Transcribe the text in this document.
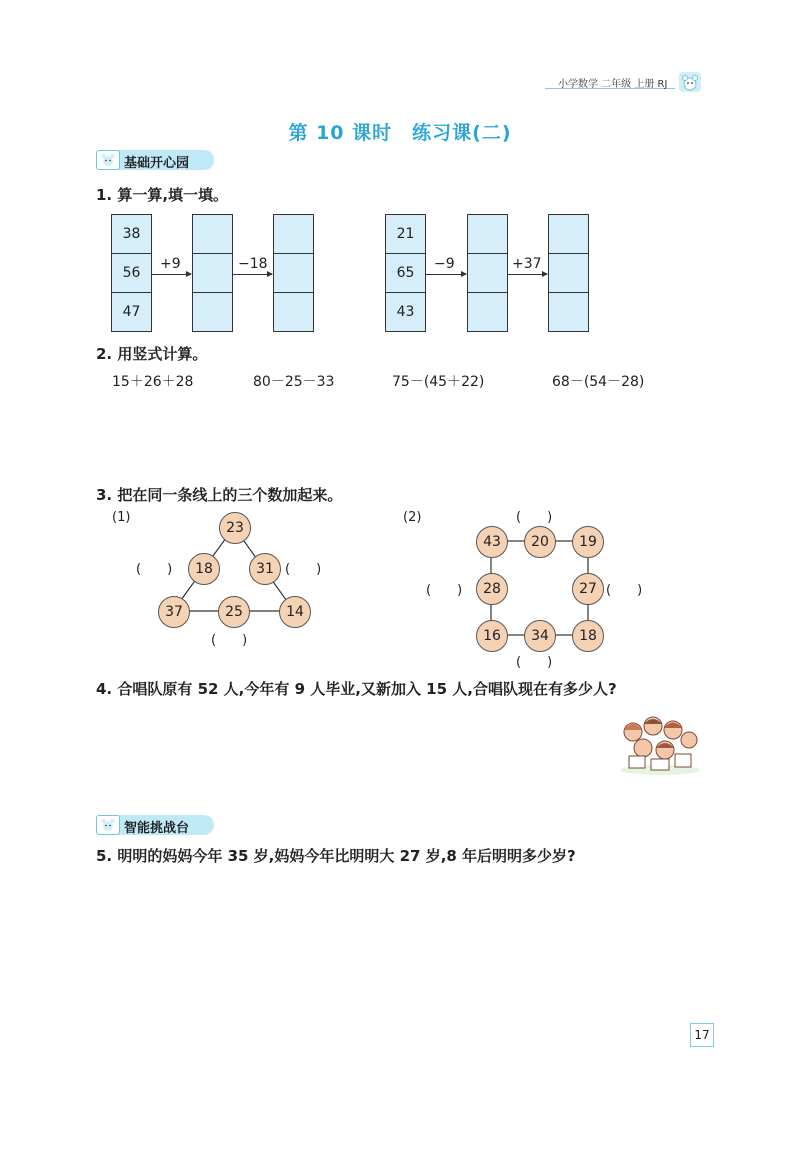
小学数学 二年级 上册 RJ
第 10 课时　练习课(二)
基础开心园
1. 算一算,填一填。
38
56
47
+9	−18
21
65
43
−9	+37
2. 用竖式计算。
15＋26＋28	80－25－33	75－(45＋22)	68－(54－28)
3. 把在同一条线上的三个数加起来。
(1)	(2)
23
18	31
37	25	14
(　　)	(　　)
(　　)
43	20	19
28	27
16	34	18
(　　)
(　　)	(　　)
(　　)
4. 合唱队原有 52 人,今年有 9 人毕业,又新加入 15 人,合唱队现在有多少人?
智能挑战台
5. 明明的妈妈今年 35 岁,妈妈今年比明明大 27 岁,8 年后明明多少岁?
17
